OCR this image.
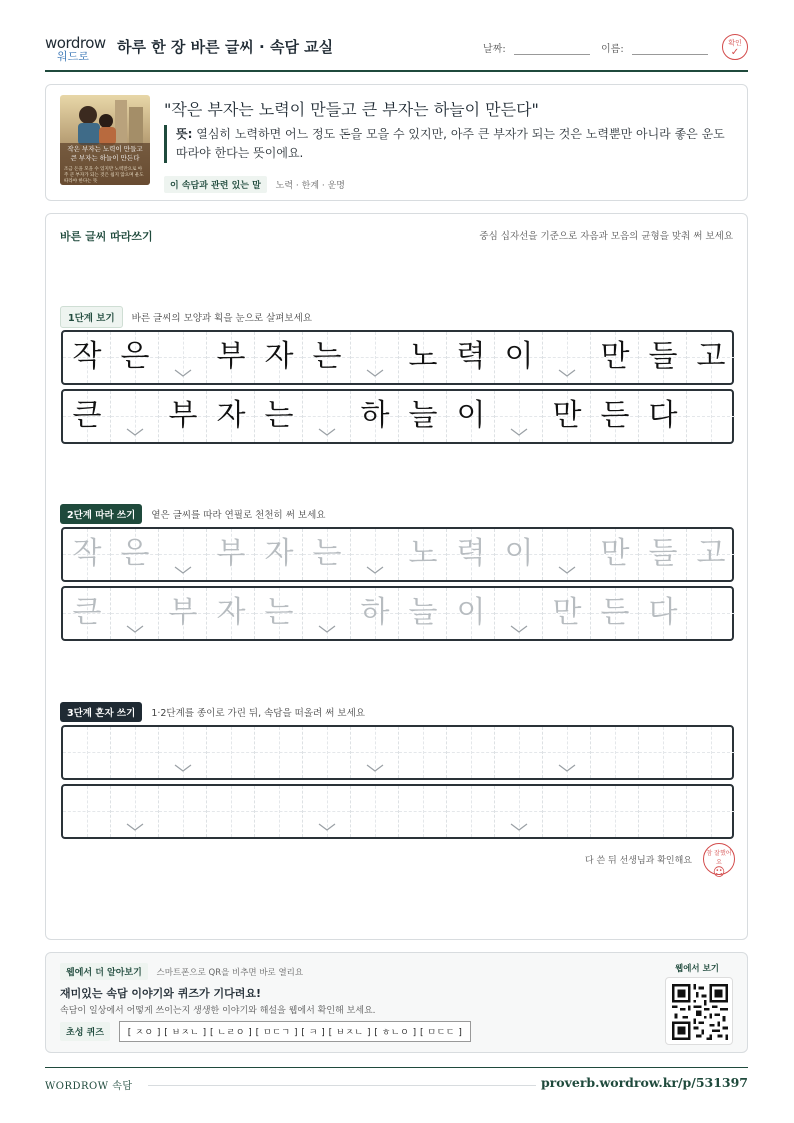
wordrow
워드로
하루 한 장 바른 글씨 · 속담 교실	날짜:	이름:
확인
✓
작은 부자는 노력이 만들고 큰 부자는 하늘이 만든다
조금 돈을 모을 수 있지만 노력만으로 아주 큰 부자가 되는 것은 쉽지 않으며 운도 따라야 한다는 뜻
"작은 부자는 노력이 만들고 큰 부자는 하늘이 만든다"
뜻: 열심히 노력하면 어느 정도 돈을 모을 수 있지만, 아주 큰 부자가 되는 것은 노력뿐만 아니라 좋은 운도 따라야 한다는 뜻이에요.
이 속담과 관련 있는 말 노력 · 한계 · 운명
바른 글씨 따라쓰기	중심 십자선을 기준으로 자음과 모음의 균형을 맞춰 써 보세요
1단계 보기 바른 글씨의 모양과 획을 눈으로 살펴보세요
작 은	부 자 는	노 력 이	만 들 고
큰	부 자 는	하 늘 이	만 든 다
2단계 따라 쓰기 옅은 글씨를 따라 연필로 천천히 써 보세요
작 은	부 자 는	노 력 이	만 들 고
큰	부 자 는	하 늘 이	만 든 다
3단계 혼자 쓰기 1·2단계를 종이로 가린 뒤, 속담을 떠올려 써 보세요
다 쓴 뒤 선생님과 확인해요
참 잘했어요
☺
웹에서 더 알아보기 스마트폰으로 QR을 비추면 바로 열리요
재미있는 속담 이야기와 퀴즈가 기다려요!
속담이 일상에서 어떻게 쓰이는지 생생한 이야기와 해설을 웹에서 확인해 보세요.
초성 퀴즈	[ ㅈㅇ ] [ ㅂㅈㄴ ] [ ㄴㄹㅇ ] [ ㅁㄷㄱ ] [ ㅋ ] [ ㅂㅈㄴ ] [ ㅎㄴㅇ ] [ ㅁㄷㄷ ]
웹에서 보기
WORDROW 속담	proverb.wordrow.kr/p/531397
